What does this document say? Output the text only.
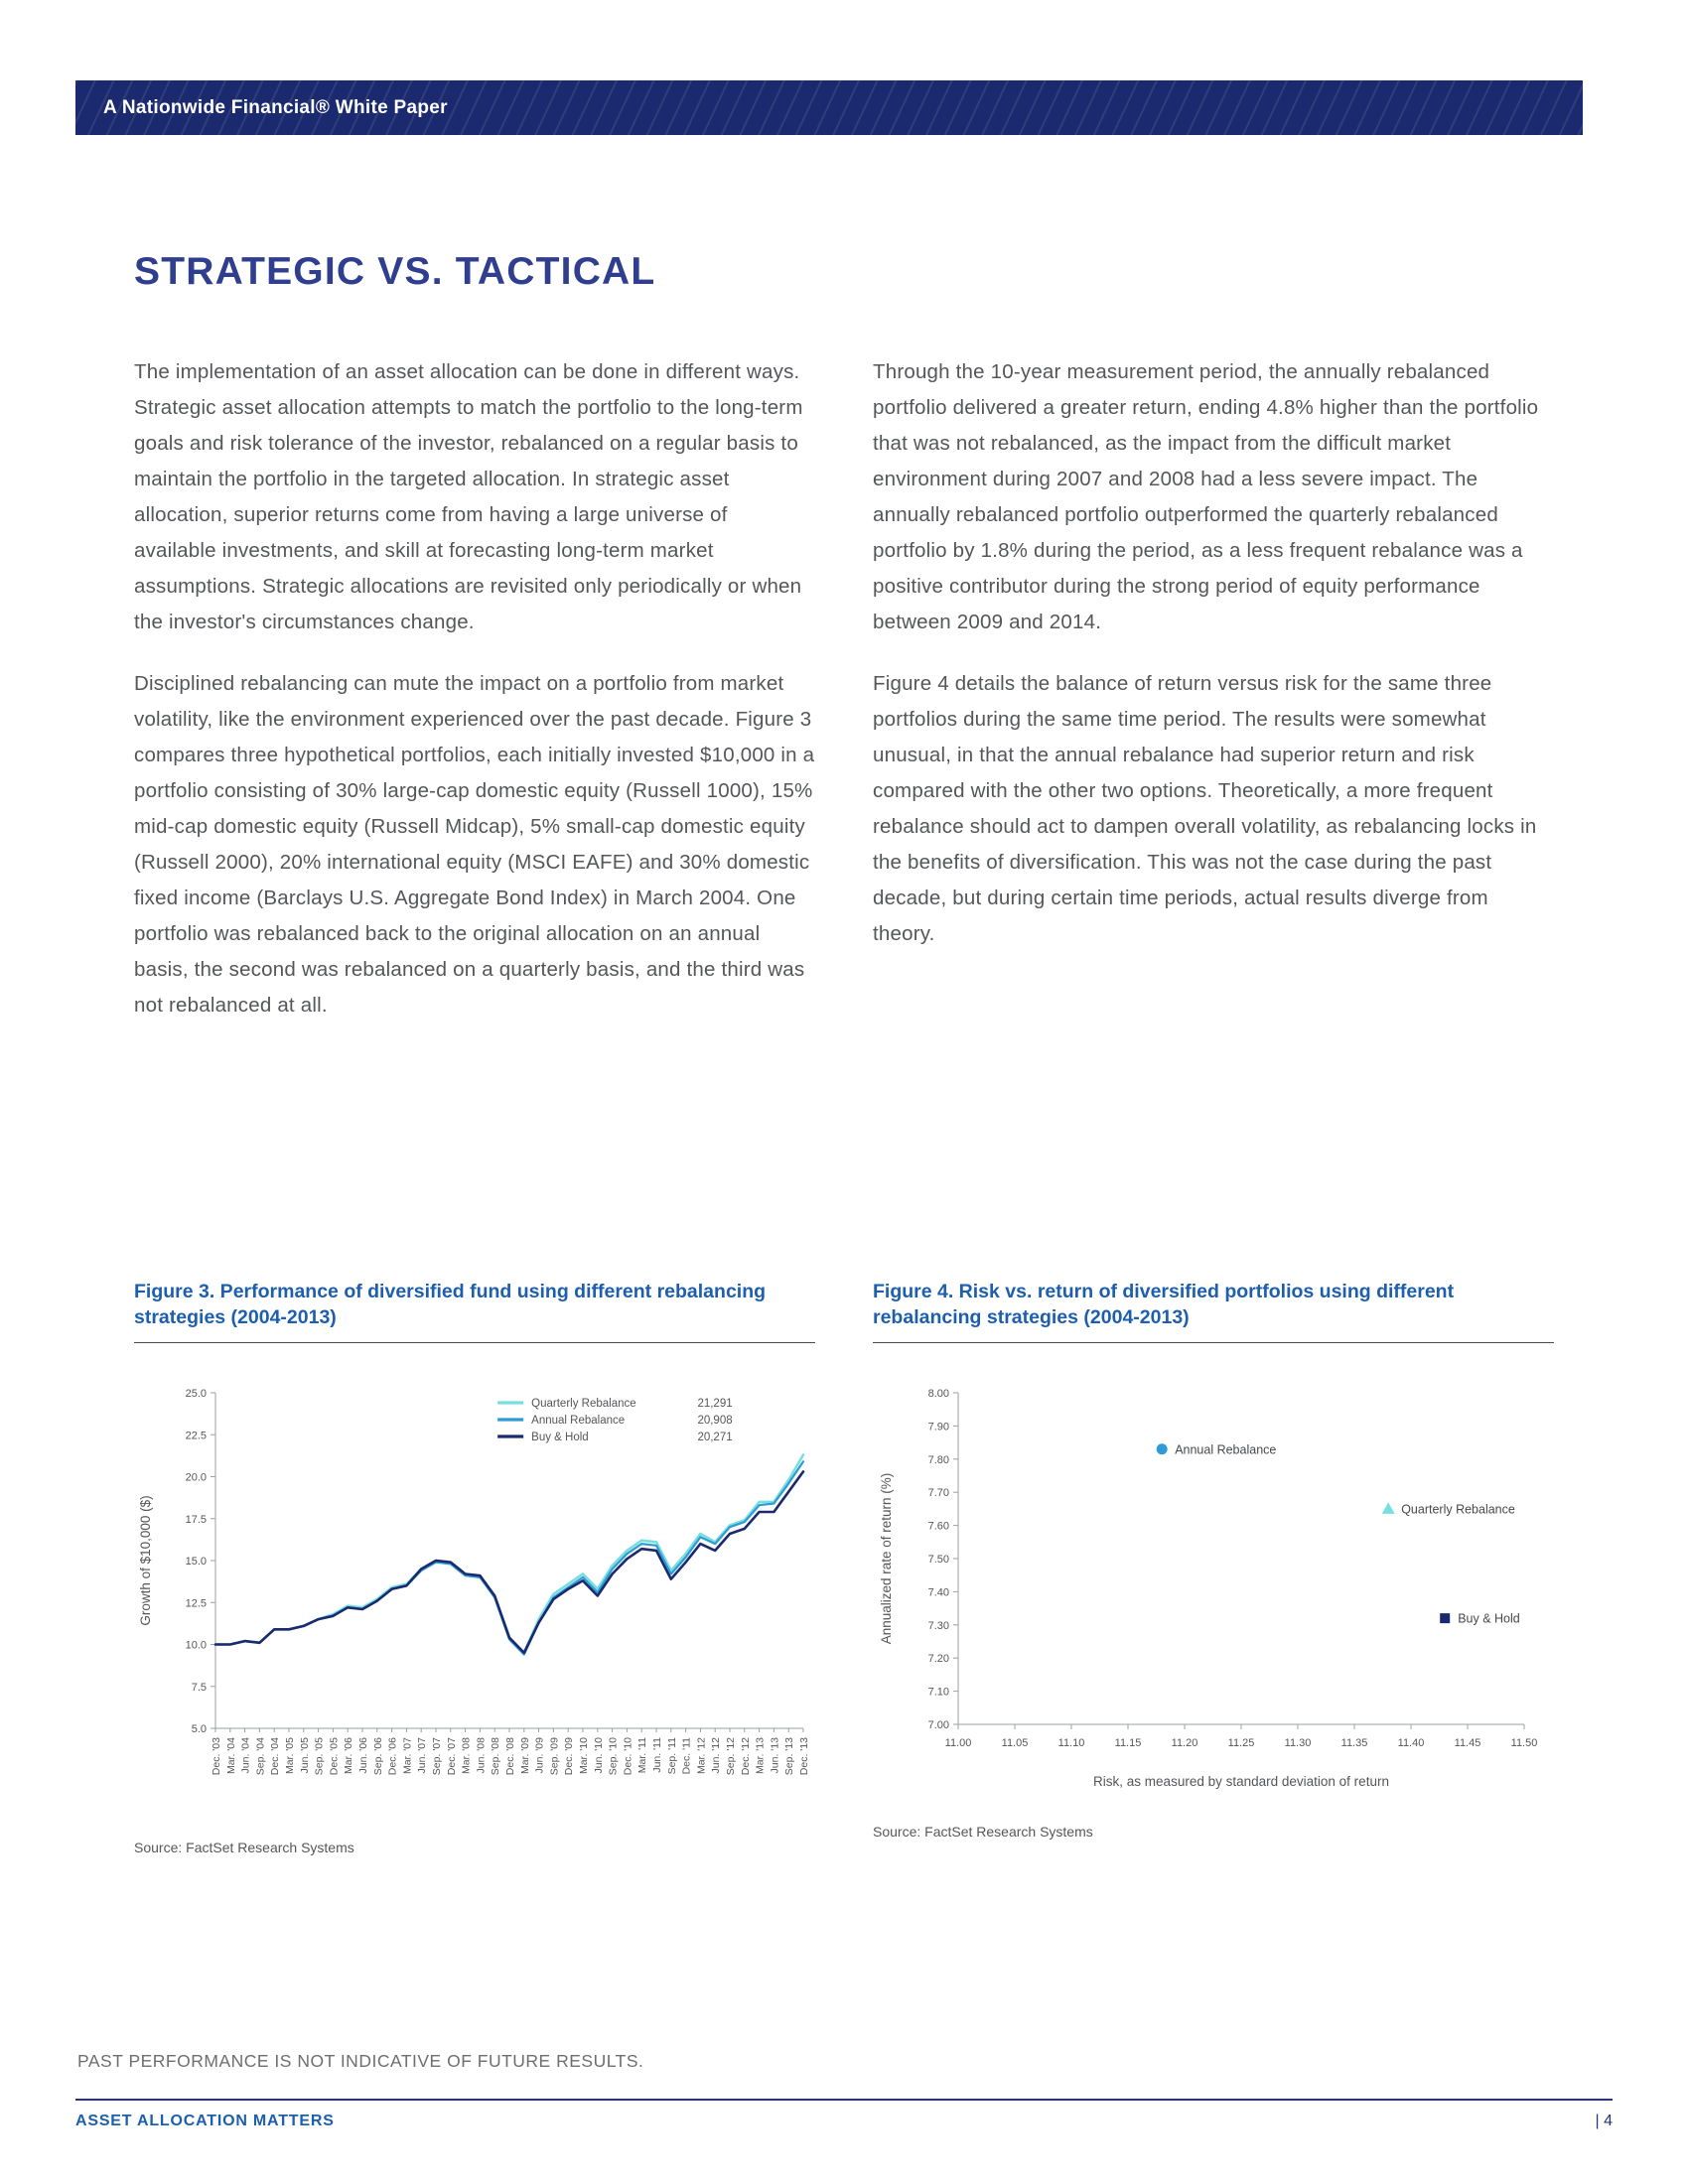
A Nationwide Financial® White Paper
STRATEGIC VS. TACTICAL

The implementation of an asset allocation can be done in different ways. Strategic asset allocation attempts to match the portfolio to the long-term goals and risk tolerance of the investor, rebalanced on a regular basis to maintain the portfolio in the targeted allocation. In strategic asset allocation, superior returns come from having a large universe of available investments, and skill at forecasting long-term market assumptions. Strategic allocations are revisited only periodically or when the investor's circumstances change.

Disciplined rebalancing can mute the impact on a portfolio from market volatility, like the environment experienced over the past decade. Figure 3 compares three hypothetical portfolios, each initially invested $10,000 in a portfolio consisting of 30% large-cap domestic equity (Russell 1000), 15% mid-cap domestic equity (Russell Midcap), 5% small-cap domestic equity (Russell 2000), 20% international equity (MSCI EAFE) and 30% domestic fixed income (Barclays U.S. Aggregate Bond Index) in March 2004. One portfolio was rebalanced back to the original allocation on an annual basis, the second was rebalanced on a quarterly basis, and the third was not rebalanced at all.

Through the 10-year measurement period, the annually rebalanced portfolio delivered a greater return, ending 4.8% higher than the portfolio that was not rebalanced, as the impact from the difficult market environment during 2007 and 2008 had a less severe impact. The annually rebalanced portfolio outperformed the quarterly rebalanced portfolio by 1.8% during the period, as a less frequent rebalance was a positive contributor during the strong period of equity performance between 2009 and 2014.

Figure 4 details the balance of return versus risk for the same three portfolios during the same time period. The results were somewhat unusual, in that the annual rebalance had superior return and risk compared with the other two options. Theoretically, a more frequent rebalance should act to dampen overall volatility, as rebalancing locks in the benefits of diversification. This was not the case during the past decade, but during certain time periods, actual results diverge from theory.

Figure 3. Performance of diversified fund using different rebalancing strategies (2004-2013)
5.0
7.5
10.0
12.5
15.0
17.5
20.0
22.5
25.0
Dec. '03 Mar. '04 Jun. '04 Sep. '04 Dec. '04 Mar. '05 Jun. '05 Sep. '05 Dec. '05 Mar. '06 Jun. '06 Sep. '06 Dec. '06 Mar. '07 Jun. '07 Sep. '07 Dec. '07 Mar. '08 Jun. '08 Sep. '08 Dec. '08 Mar. '09 Jun. '09 Sep. '09 Dec. '09 Mar. '10 Jun. '10 Sep. '10 Dec. '10 Mar. '11 Jun. '11 Sep. '11 Dec. '11 Mar. '12 Jun. '12 Sep. '12 Dec. '12 Mar. '13 Jun. '13 Sep. '13 Dec. '13
Quarterly Rebalance	21,291
Annual Rebalance	20,908
Buy & Hold	20,271
Growth of $10,000 ($)
Source: FactSet Research Systems
Figure 4. Risk vs. return of diversified portfolios using different rebalancing strategies (2004-2013)
7.00
7.10
7.20
7.30
7.40
7.50
7.60
7.70
7.80
7.90
8.00
11.00	11.05	11.10	11.15	11.20	11.25	11.30	11.35	11.40	11.45	11.50
Annual Rebalance
Quarterly Rebalance
Buy & Hold
Risk, as measured by standard deviation of return
Annualized rate of return (%)
Source: FactSet Research Systems
PAST PERFORMANCE IS NOT INDICATIVE OF FUTURE RESULTS.
ASSET ALLOCATION MATTERS	| 4
